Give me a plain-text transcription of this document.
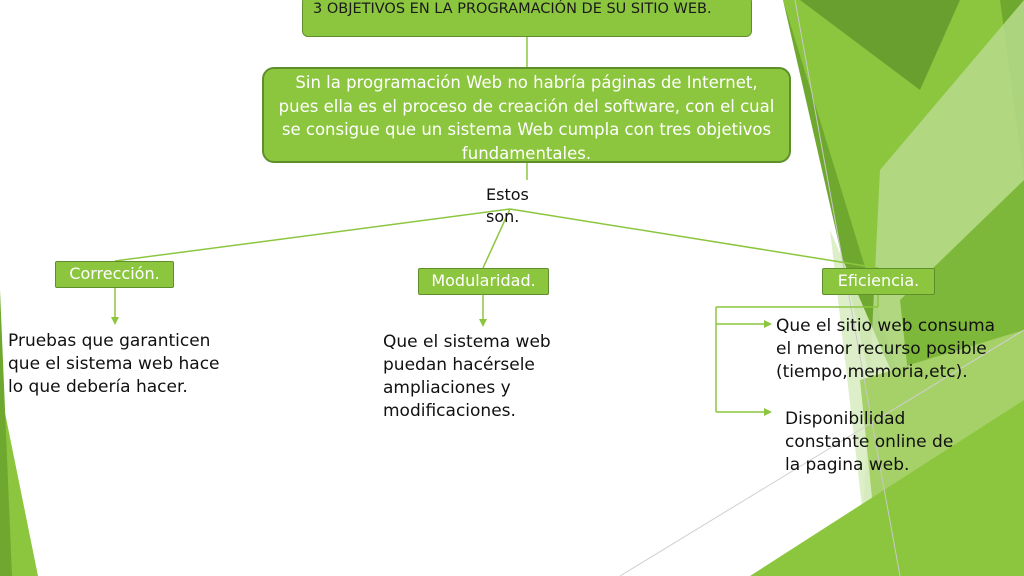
3 OBJETIVOS EN LA PROGRAMACIÓN DE SU SITIO WEB.
Sin la programación Web no habría páginas de Internet, pues ella es el proceso de creación del software, con el cual se consigue que un sistema Web cumpla con tres objetivos fundamentales.
Estos son.
Corrección.	Modularidad.	Eficiencia.
Pruebas que garanticen que el sistema web hace lo que debería hacer.
Que el sistema web puedan hacérsele ampliaciones y modificaciones.
Que el sitio web consuma el menor recurso posible (tiempo,memoria,etc).
Disponibilidad constante online de la pagina web.
